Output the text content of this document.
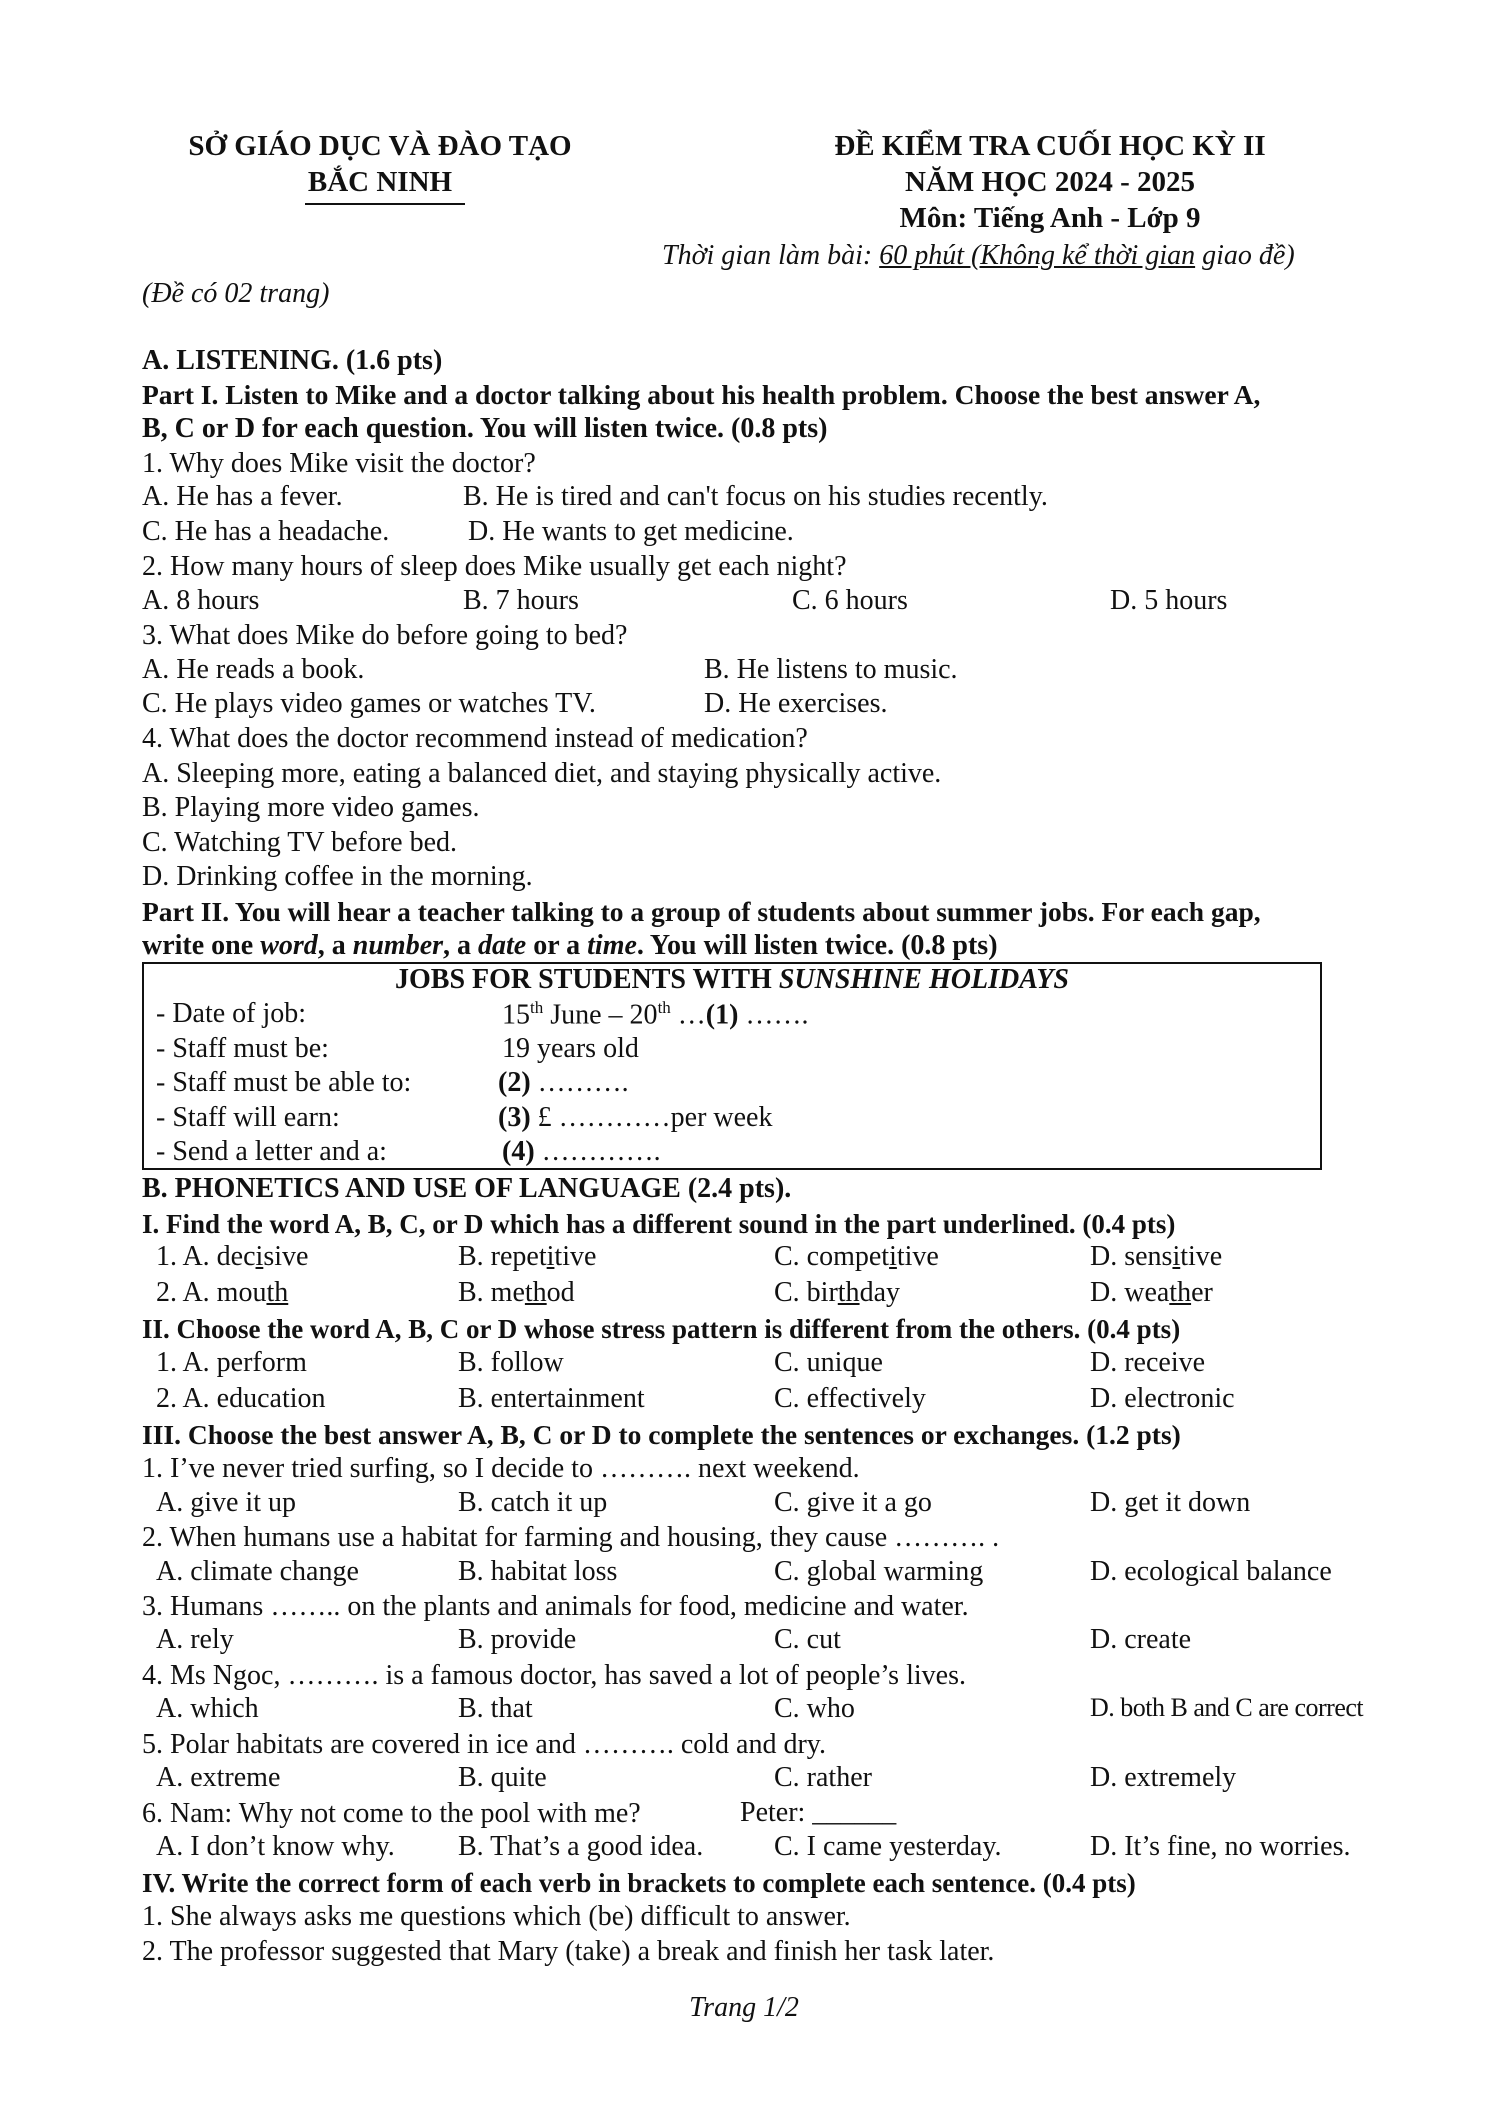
SỞ GIÁO DỤC VÀ ĐÀO TẠO
BẮC NINH
ĐỀ KIỂM TRA CUỐI HỌC KỲ II
NĂM HỌC 2024 - 2025
Môn: Tiếng Anh - Lớp 9
Thời gian làm bài: 60 phút (Không kể thời gian giao đề)
(Đề có 02 trang)
A. LISTENING. (1.6 pts)
Part I. Listen to Mike and a doctor talking about his health problem. Choose the best answer A,
B, C or D for each question. You will listen twice. (0.8 pts)
1. Why does Mike visit the doctor?
A. He has a fever.	B. He is tired and can't focus on his studies recently.
C. He has a headache.	D. He wants to get medicine.
2. How many hours of sleep does Mike usually get each night?
A. 8 hours	B. 7 hours	C. 6 hours	D. 5 hours
3. What does Mike do before going to bed?
A. He reads a book.	B. He listens to music.
C. He plays video games or watches TV.	D. He exercises.
4. What does the doctor recommend instead of medication?
A. Sleeping more, eating a balanced diet, and staying physically active.
B. Playing more video games.
C. Watching TV before bed.
D. Drinking coffee in the morning.
Part II. You will hear a teacher talking to a group of students about summer jobs. For each gap,
write one word, a number, a date or a time. You will listen twice. (0.8 pts)
JOBS FOR STUDENTS WITH SUNSHINE HOLIDAYS
- Date of job:	15th June – 20th …(1) …….
- Staff must be:	19 years old
- Staff must be able to:	(2) ……….
- Staff will earn:	(3) £ …………per week
- Send a letter and a:	(4) ………….
B. PHONETICS AND USE OF LANGUAGE (2.4 pts).
I. Find the word A, B, C, or D which has a different sound in the part underlined. (0.4 pts)
1. A. decisive	B. repetitive	C. competitive	D. sensitive
2. A. mouth	B. method	C. birthday	D. weather
II. Choose the word A, B, C or D whose stress pattern is different from the others. (0.4 pts)
1. A. perform	B. follow	C. unique	D. receive
2. A. education	B. entertainment	C. effectively	D. electronic
III. Choose the best answer A, B, C or D to complete the sentences or exchanges. (1.2 pts)
1. I’ve never tried surfing, so I decide to ………. next weekend.
A. give it up	B. catch it up	C. give it a go	D. get it down
2. When humans use a habitat for farming and housing, they cause ………. .
A. climate change	B. habitat loss	C. global warming	D. ecological balance
3. Humans …….. on the plants and animals for food, medicine and water.
A. rely	B. provide	C. cut	D. create
4. Ms Ngoc, ………. is a famous doctor, has saved a lot of people’s lives.
A. which	B. that	C. who	D. both B and C are correct
5. Polar habitats are covered in ice and ………. cold and dry.
A. extreme	B. quite	C. rather	D. extremely
6. Nam: Why not come to the pool with me?	Peter: ______
A. I don’t know why. B. That’s a good idea.	C. I came yesterday.	D. It’s fine, no worries.
IV. Write the correct form of each verb in brackets to complete each sentence. (0.4 pts)
1. She always asks me questions which (be) difficult to answer.
2. The professor suggested that Mary (take) a break and finish her task later.
Trang 1/2
